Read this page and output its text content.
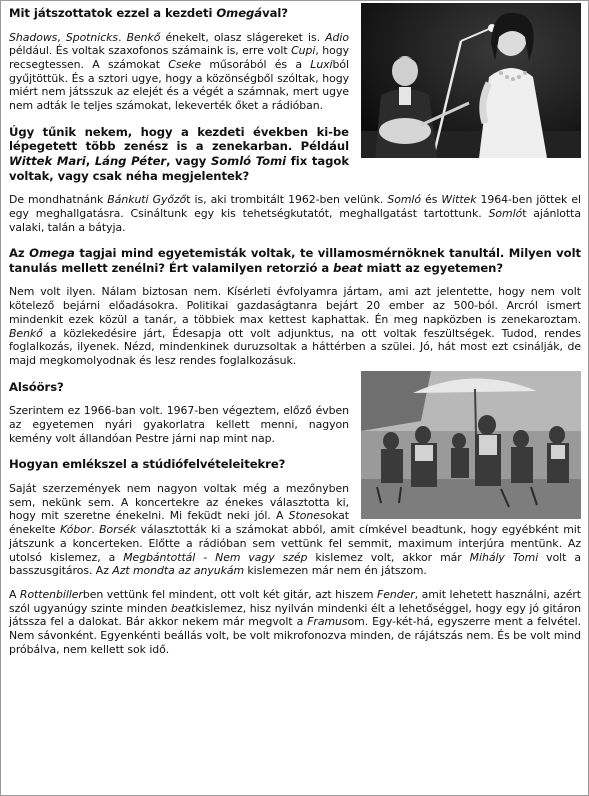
Mit játszottatok ezzel a kezdeti Omegával?

Shadows, Spotnicks. Benkő énekelt, olasz slágereket is. Adio például. És voltak szaxofonos számaink is, erre volt Cupi, hogy recsegtessen. A számokat Cseke műsorából és a Luxiból gyűjtöttük. És a sztori ugye, hogy a közönségből szóltak, hogy miért nem játsszuk az elejét és a végét a számnak, mert ugye nem adták le teljes számokat, lekeverték őket a rádióban.

Úgy tűnik nekem, hogy a kezdeti években ki-be lépegetett több zenész is a zenekarban. Például Wittek Mari, Láng Péter, vagy Somló Tomi fix tagok voltak, vagy csak néha megjelentek?

De mondhatnánk Bánkuti Győzőt is, aki trombitált 1962-ben velünk. Somló és Wittek 1964-ben jöttek el egy meghallgatásra. Csináltunk egy kis tehetségkutatót, meghallgatást tartottunk. Somlót ajánlotta valaki, talán a bátyja.

Az Omega tagjai mind egyetemisták voltak, te villamosmérnöknek tanultál. Milyen volt tanulás mellett zenélni? Ért valamilyen retorzió a beat miatt az egyetemen?

Nem volt ilyen. Nálam biztosan nem. Kísérleti évfolyamra jártam, ami azt jelentette, hogy nem volt kötelező bejárni előadásokra. Politikai gazdaságtanra bejárt 20 ember az 500-ból. Arcról ismert mindenkit ezek közül a tanár, a többiek max kettest kaphattak. Én meg napközben is zenekaroztam. Benkő a közlekedésire járt, Édesapja ott volt adjunktus, na ott voltak feszültségek. Tudod, rendes foglalkozás, ilyenek. Nézd, mindenkinek duruzsoltak a háttérben a szülei. Jó, hát most ezt csinálják, de majd megkomolyodnak és lesz rendes foglalkozásuk.

Alsóörs?

Szerintem ez 1966-ban volt. 1967-ben végeztem, előző évben az egyetemen nyári gyakorlatra kellett menni, nagyon kemény volt állandóan Pestre járni nap mint nap.

Hogyan emlékszel a stúdiófelvételeitekre?

Saját szerzemények nem nagyon voltak még a mezőnyben sem, nekünk sem. A koncertekre az énekes választotta ki, hogy mit szeretne énekelni. Mi feküdt neki jól. A Stonesokat énekelte Kóbor. Borsék választották ki a számokat abból, amit címkével beadtunk, hogy egyébként mit játszunk a koncerteken. Előtte a rádióban sem vettünk fel semmit, maximum interjúra mentünk. Az utolsó kislemez, a Megbántottál - Nem vagy szép kislemez volt, akkor már Mihály Tomi volt a basszusgitáros. Az Azt mondta az anyukám kislemezen már nem én játszom.

A Rottenbillerben vettünk fel mindent, ott volt két gitár, azt hiszem Fender, amit lehetett használni, azért szól ugyanúgy szinte minden beatkislemez, hisz nyilván mindenki élt a lehetőséggel, hogy egy jó gitáron játssza fel a dalokat. Bár akkor nekem már megvolt a Framusom. Egy-két-há, egyszerre ment a felvétel. Nem sávonként. Egyenkénti beállás volt, be volt mikrofonozva minden, de rájátszás nem. És be volt mind próbálva, nem kellett sok idő.
